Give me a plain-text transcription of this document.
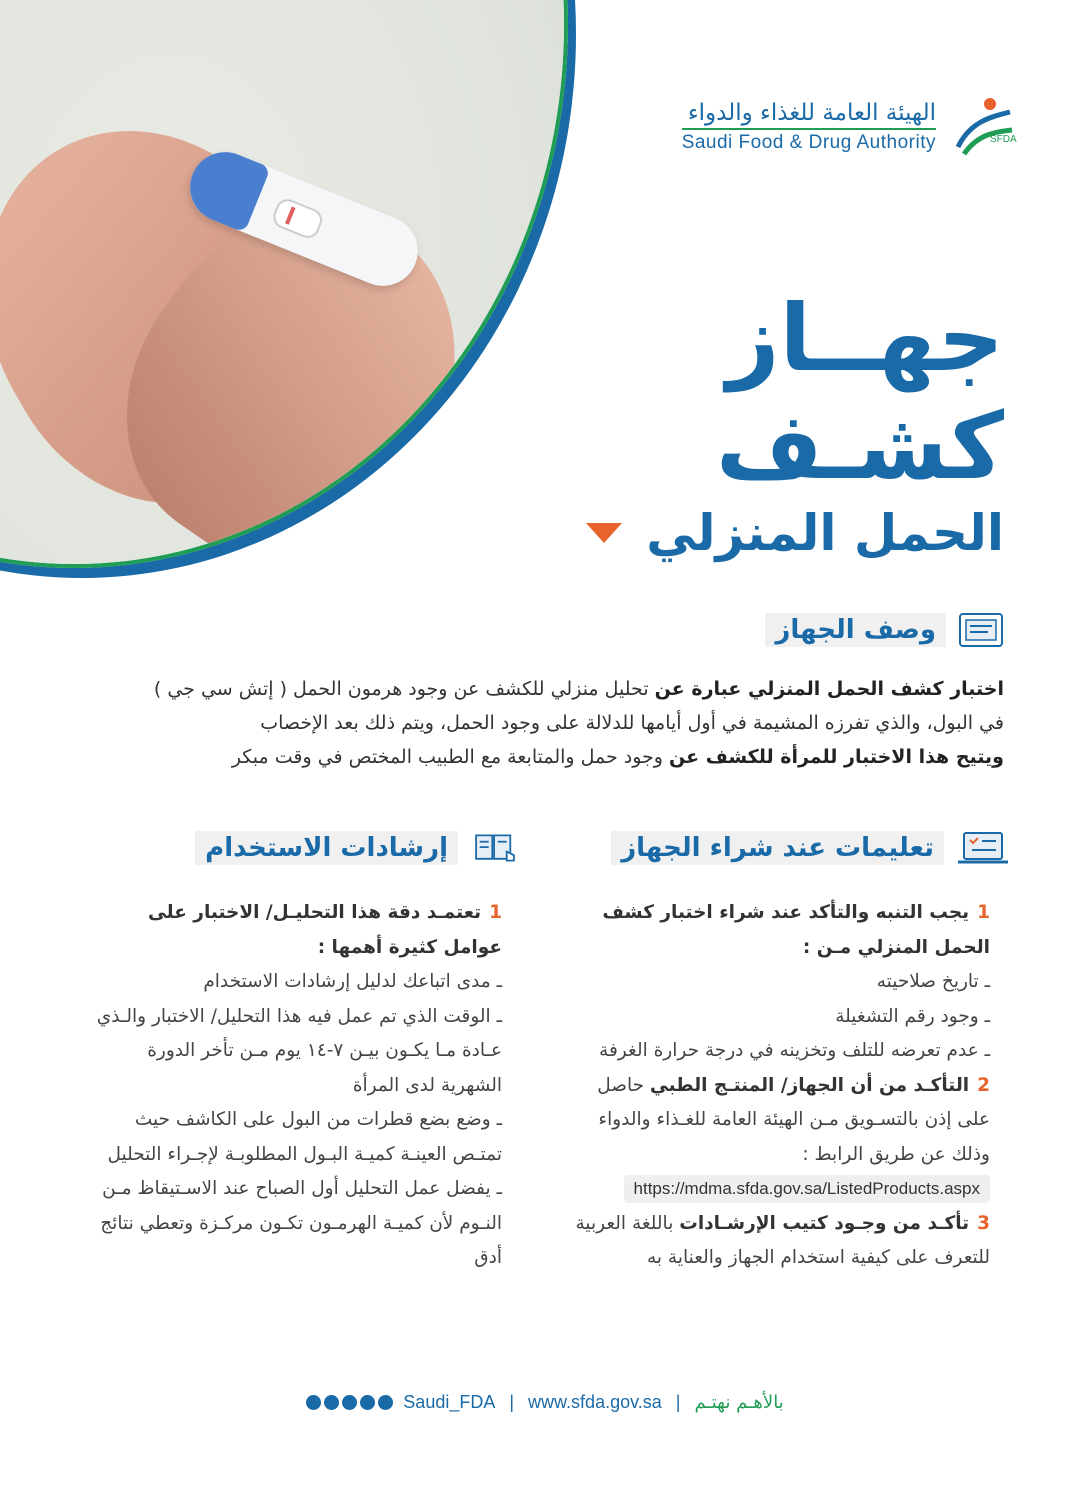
الهيئة العامة للغذاء والدواء
Saudi Food & Drug Authority	SFDA
جهــاز
كشـف
الحمل المنزلي
وصف الجهاز
اختبار كشف الحمل المنزلي عبارة عن تحليل منزلي للكشف عن وجود هرمون الحمل ( إتش سي جي )
في البول، والذي تفرزه المشيمة في أول أيامها للدلالة على وجود الحمل، ويتم ذلك بعد الإخصاب
ويتيح هذا الاختبار للمرأة للكشف عن وجود حمل والمتابعة مع الطبيب المختص في وقت مبكر
تعليمات عند شراء الجهاز
إرشادات الاستخدام
1يجب التنبه والتأكد عند شراء اختبار كشف الحمل المنزلي مـن :
ـ تاريخ صلاحيته
ـ وجود رقم التشغيلة
ـ عدم تعرضه للتلف وتخزينه في درجة حرارة الغرفة
2التأكـد من أن الجهاز/ المنتـج الطبي حاصل على إذن بالتسـويق مـن الهيئة العامة للغـذاء والدواء وذلك عن طريق الرابط :
https://mdma.sfda.gov.sa/ListedProducts.aspx
3تأكـد من وجـود كتيب الإرشـادات باللغة العربية للتعرف على كيفية استخدام الجهاز والعناية به
1تعتمـد دقة هذا التحليـل/ الاختبار على عوامل كثيرة أهمها :
ـ مدى اتباعك لدليل إرشادات الاستخدام
ـ الوقت الذي تم عمل فيه هذا التحليل/ الاختبار والـذي عـادة مـا يكـون بيـن ٧-١٤ يوم مـن تأخر الدورة الشهرية لدى المرأة
ـ وضع بضع قطرات من البول على الكاشف حيث تمتـص العينـة كميـة البـول المطلوبـة لإجـراء التحليل
ـ يفضل عمل التحليل أول الصباح عند الاسـتيقاظ مـن النـوم لأن كميـة الهرمـون تكـون مركـزة وتعطي نتائج أدق
Saudi_FDA | www.sfda.gov.sa | بالأهـم نهتـم
